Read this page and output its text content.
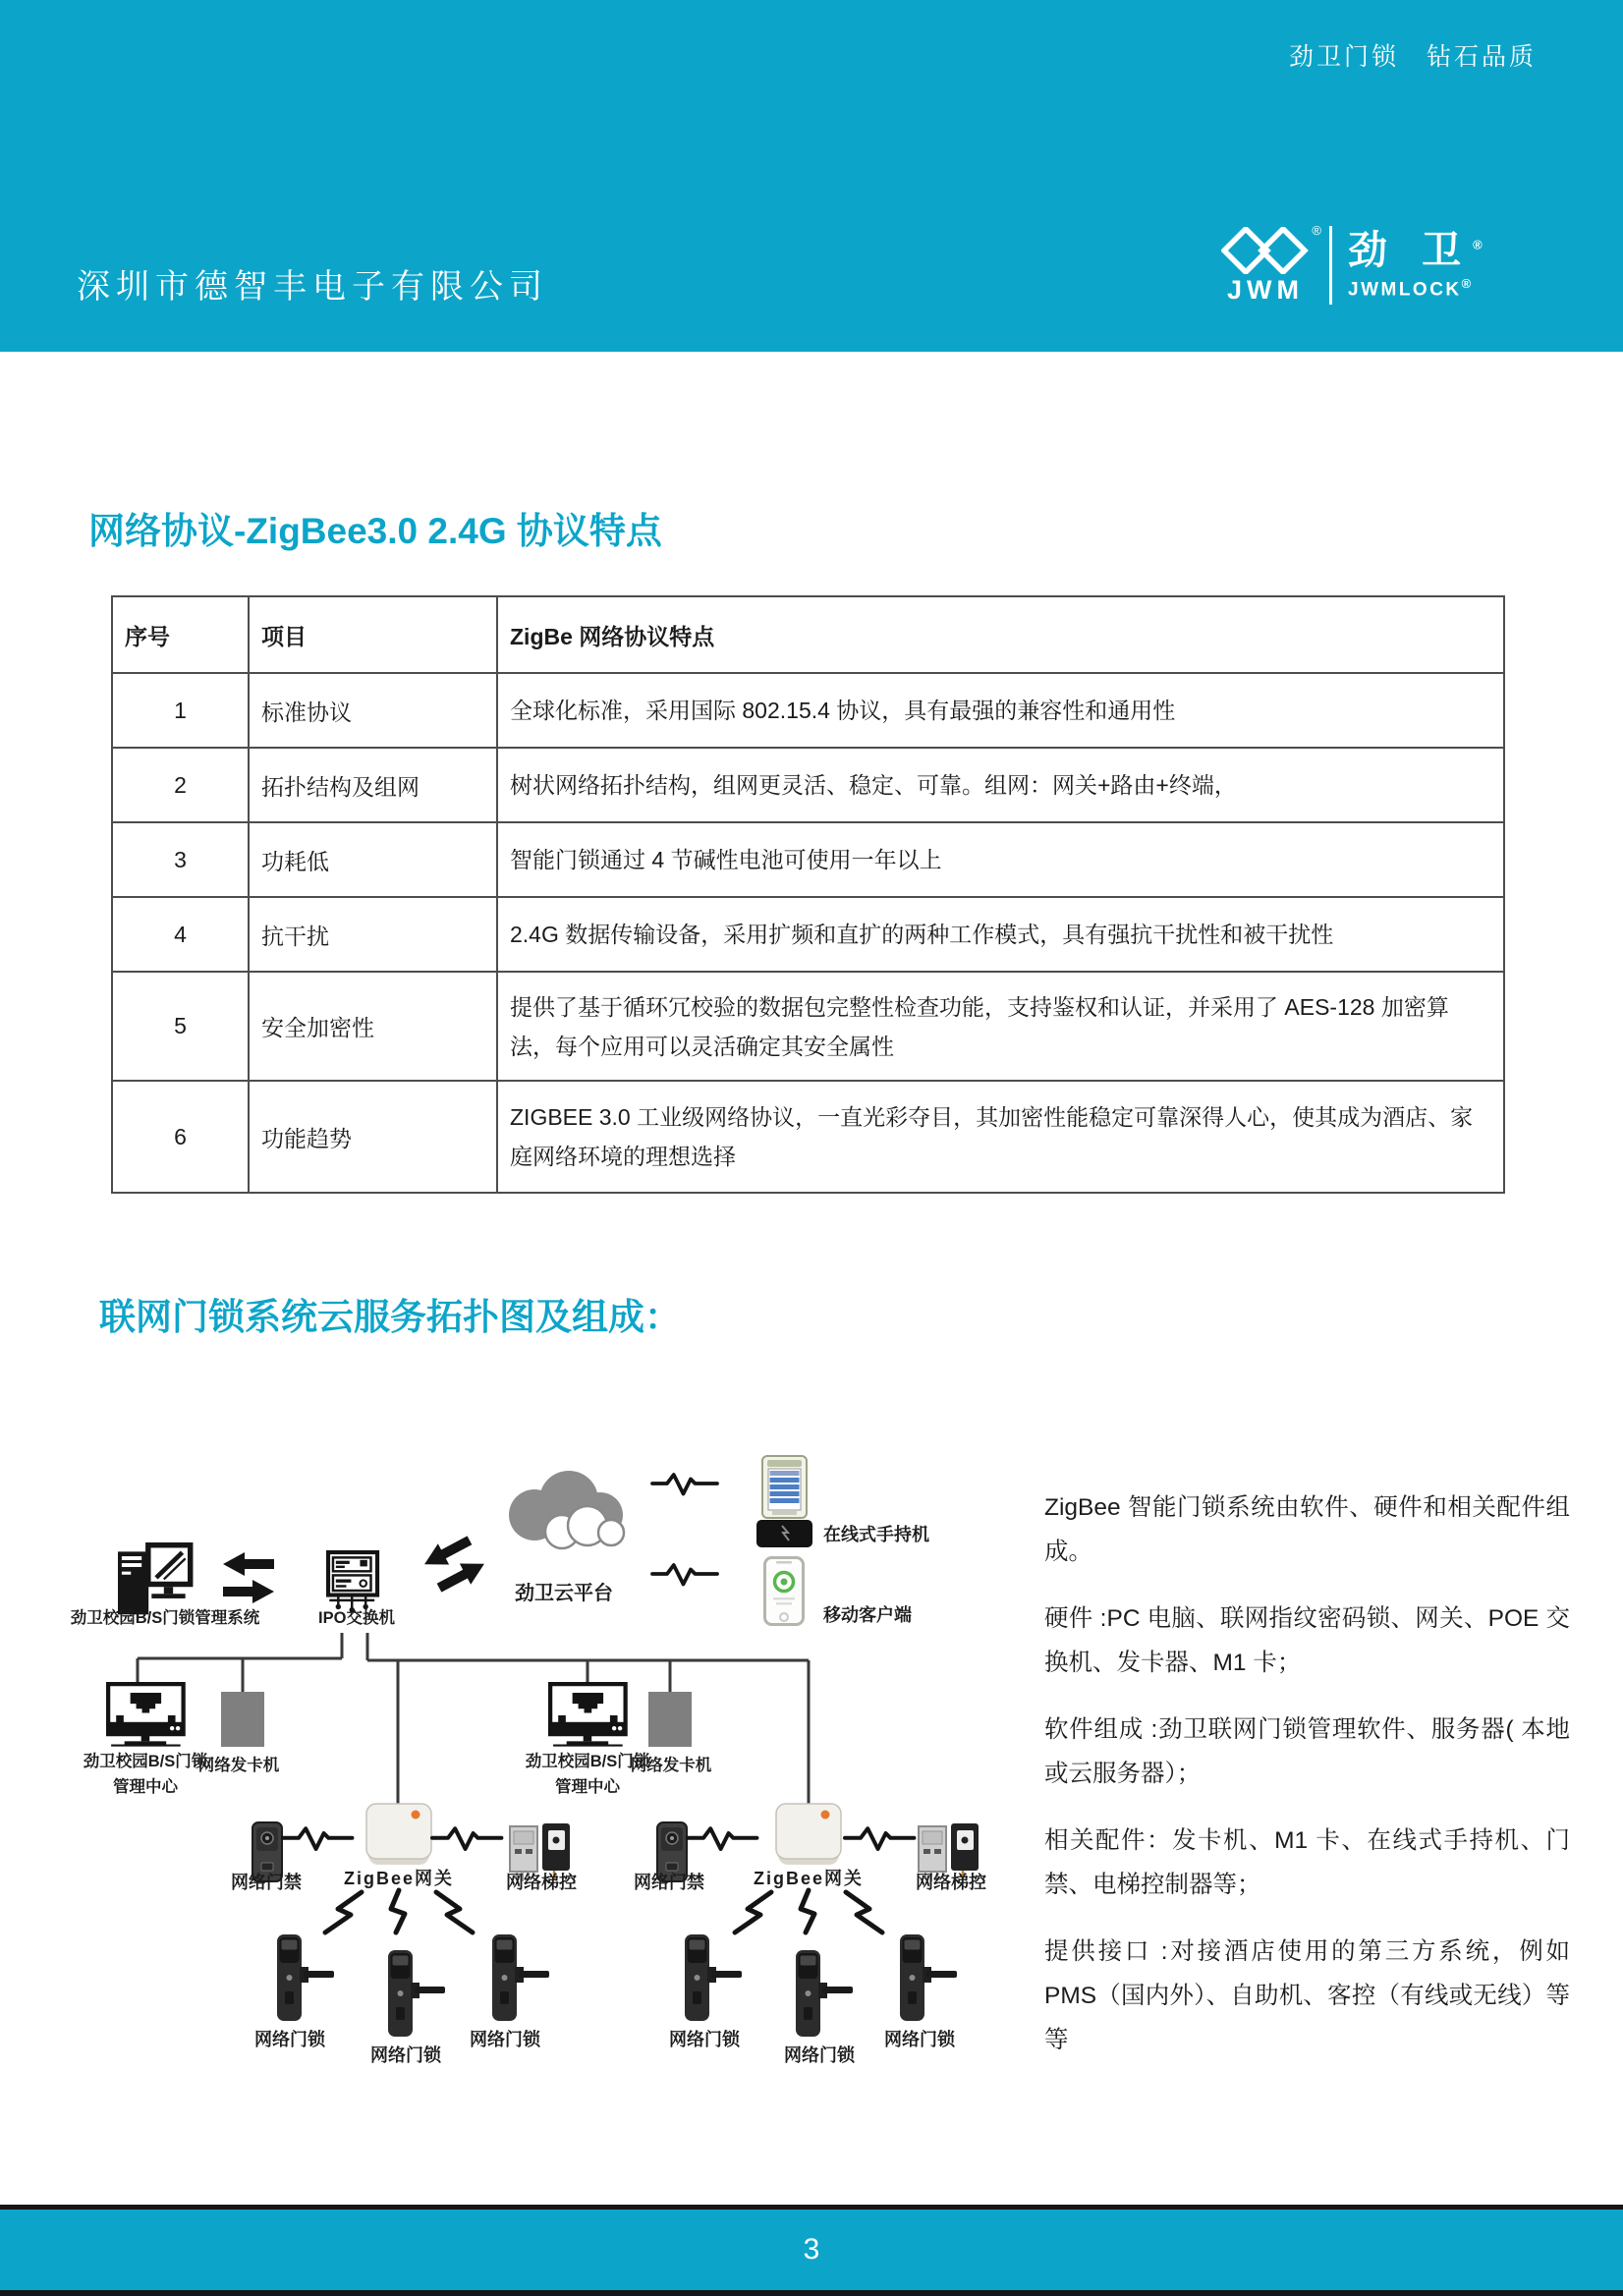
劲卫门锁　钻石品质
深圳市德智丰电子有限公司
®
JWM
劲 卫®
JWMLOCK®
网络协议-ZigBee3.0 2.4G 协议特点
序号	项目	ZigBe 网络协议特点
1	标准协议	全球化标准，采用国际 802.15.4 协议，具有最强的兼容性和通用性
2	拓扑结构及组网	树状网络拓扑结构，组网更灵活、稳定、可靠。组网：网关+路由+终端，
3	功耗低	智能门锁通过 4 节碱性电池可使用一年以上
4	抗干扰	2.4G 数据传输设备，采用扩频和直扩的两种工作模式，具有强抗干扰性和被干扰性
5	安全加密性	提供了基于循环冗校验的数据包完整性检查功能，支持鉴权和认证，并采用了 AES-128 加密算法，每个应用可以灵活确定其安全属性
6	功能趋势	ZIGBEE 3.0 工业级网络协议，一直光彩夺目，其加密性能稳定可靠深得人心，使其成为酒店、家庭网络环境的理想选择
联网门锁系统云服务拓扑图及组成：
劲卫校园B/S门锁管理系统	IPO交换机
劲卫云平台
在线式手持机
移动客户端
劲卫校园B/S门锁
管理中心
网络发卡机	劲卫校园B/S门锁
管理中心
网络发卡机
网络门禁 ZigBee网关	网络梯控	网络门禁	ZigBee网关	网络梯控
网络门锁
网络门锁
网络门锁	网络门锁
网络门锁
网络门锁

ZigBee 智能门锁系统由软件、硬件和相关配件组成。

硬件 :PC 电脑、联网指纹密码锁、网关、POE 交换机、发卡器、M1 卡；

软件组成 :劲卫联网门锁管理软件、服务器( 本地或云服务器）；

相关配件：发卡机、M1 卡、在线式手持机、门禁、电梯控制器等；

提供接口 :对接酒店使用的第三方系统，例如 PMS（国内外）、自助机、客控（有线或无线）等等

3
